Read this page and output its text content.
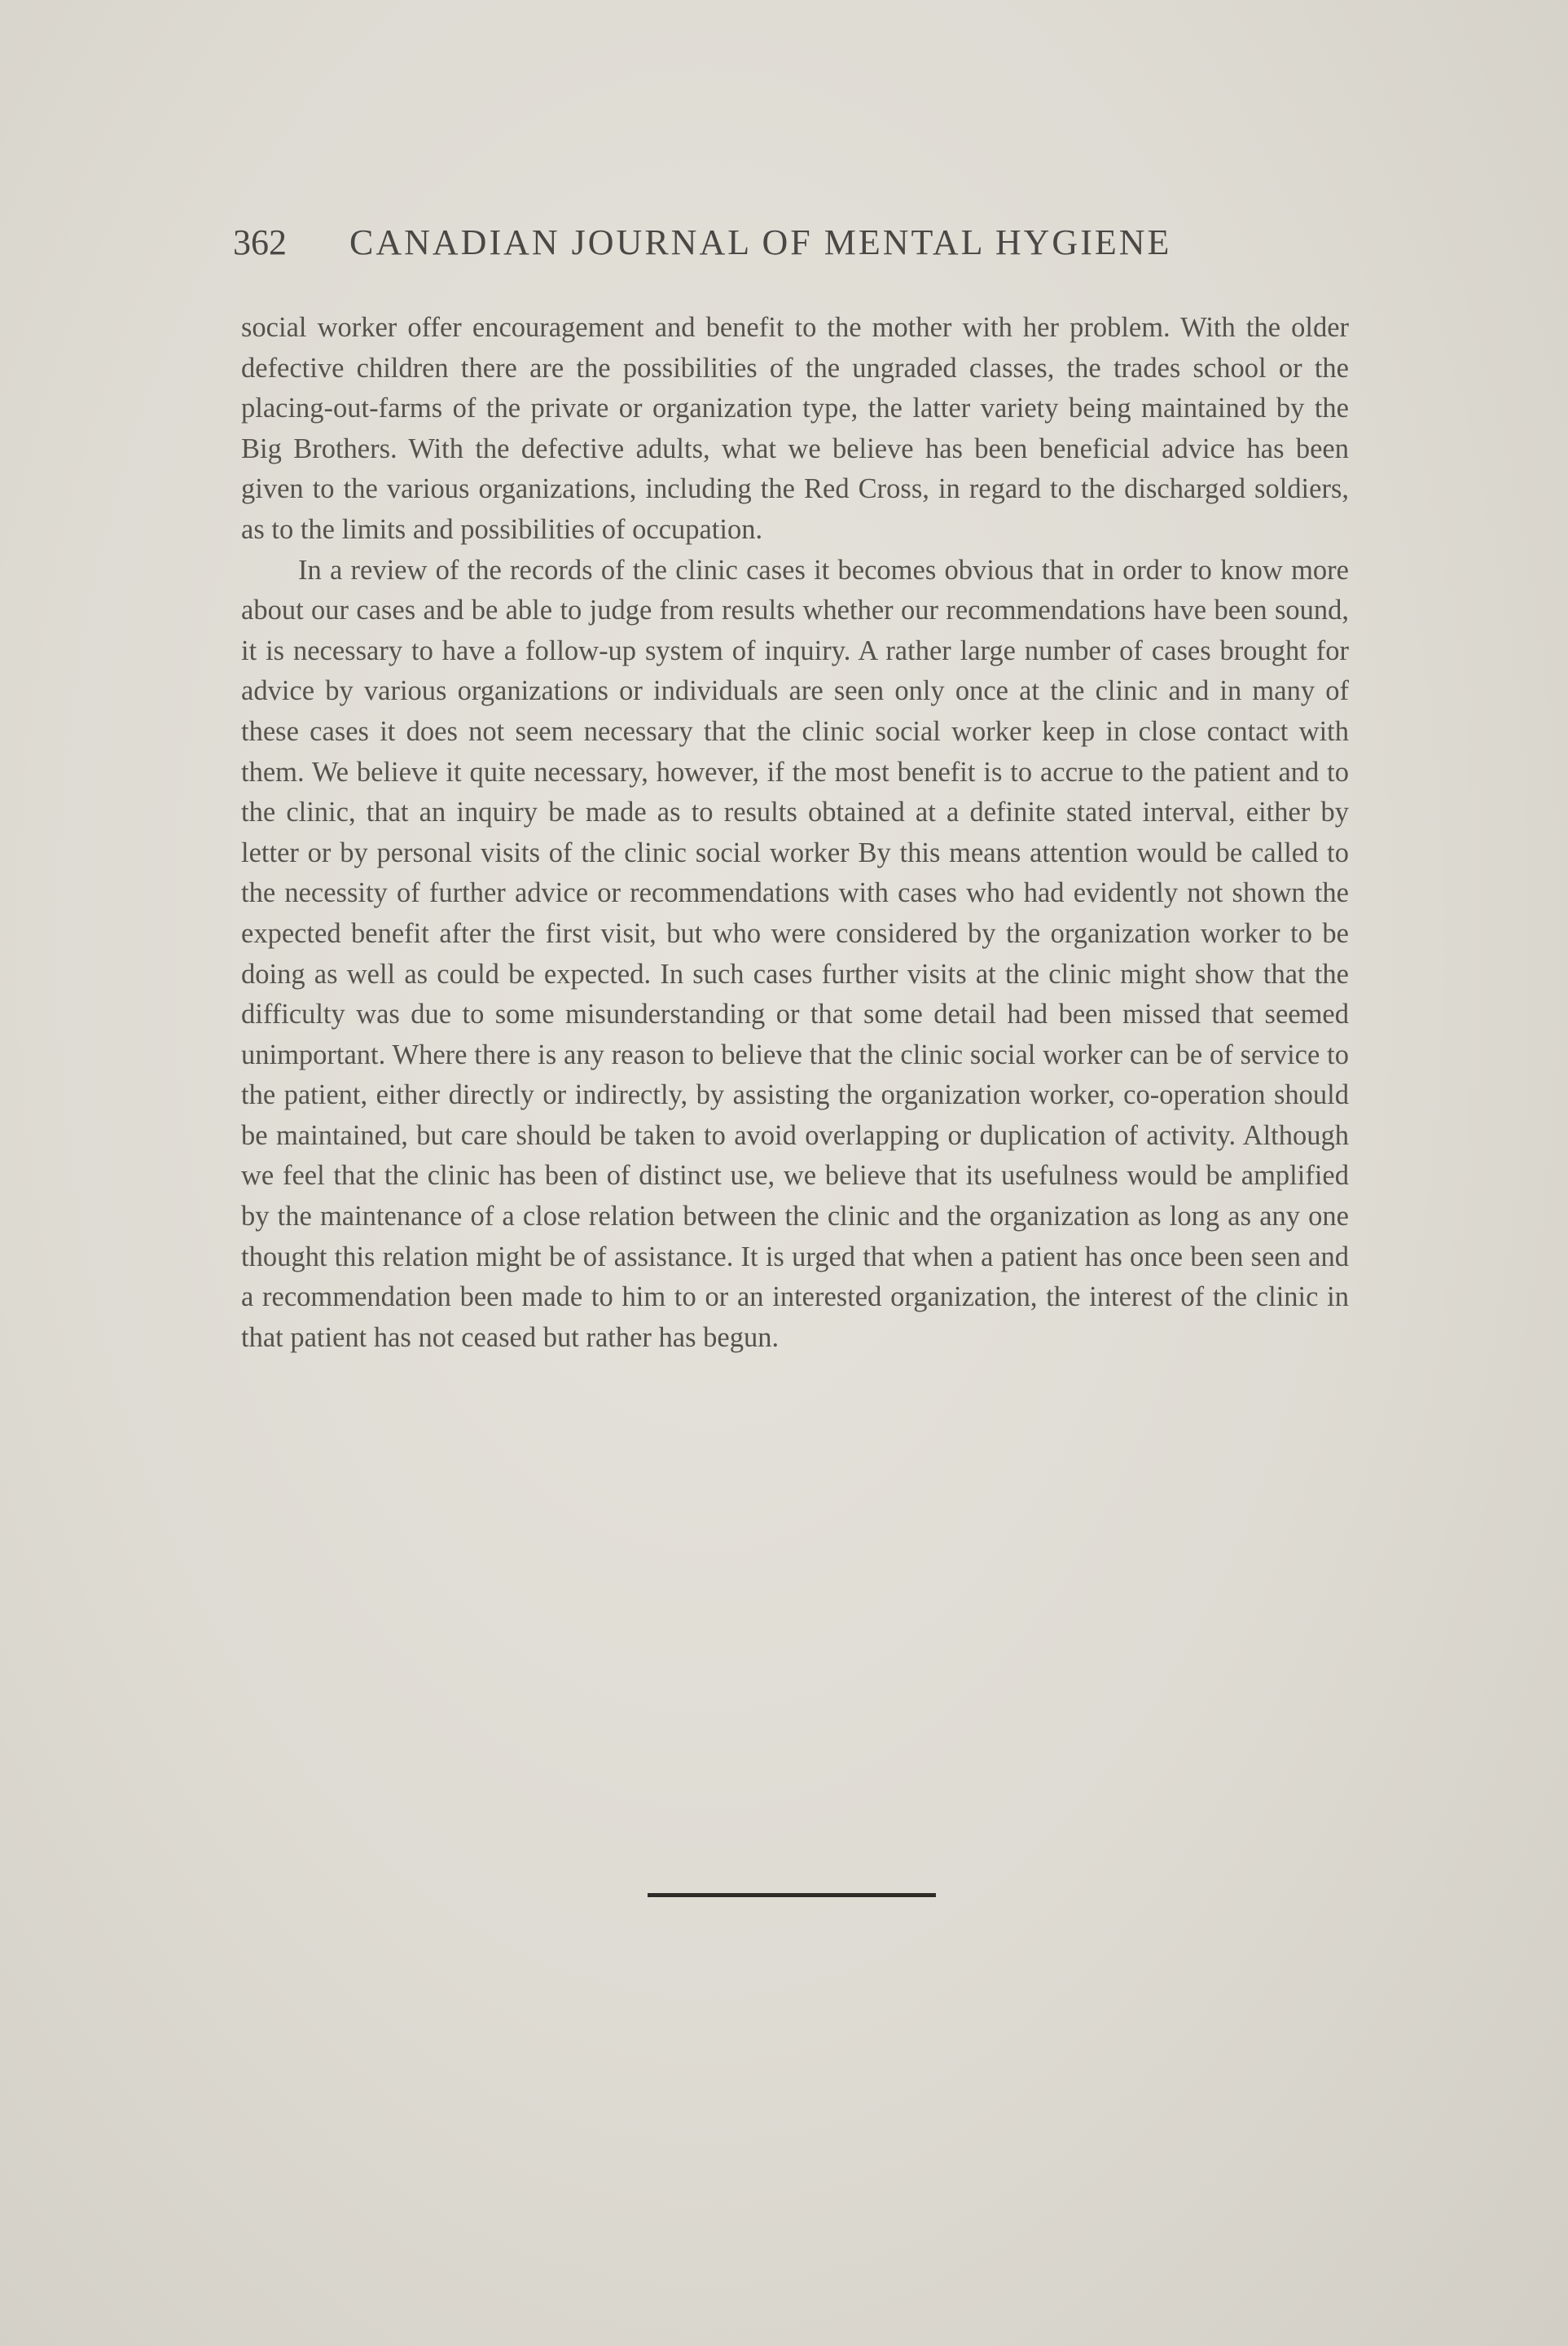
362 CANADIAN JOURNAL OF MENTAL HYGIENE

social worker offer encouragement and benefit to the mother with her problem. With the older defective children there are the possibilities of the ungraded classes, the trades school or the placing-out-farms of the private or organization type, the latter variety being maintained by the Big Brothers. With the defective adults, what we believe has been beneficial advice has been given to the various organizations, including the Red Cross, in regard to the discharged soldiers, as to the limits and possibilities of occupation.

In a review of the records of the clinic cases it becomes obvious that in order to know more about our cases and be able to judge from results whether our recommendations have been sound, it is necessary to have a follow-up system of inquiry. A rather large number of cases brought for advice by various organizations or individuals are seen only once at the clinic and in many of these cases it does not seem necessary that the clinic social worker keep in close contact with them. We believe it quite necessary, however, if the most benefit is to accrue to the patient and to the clinic, that an inquiry be made as to results obtained at a definite stated interval, either by letter or by personal visits of the clinic social worker By this means attention would be called to the necessity of further advice or recommendations with cases who had evidently not shown the expected benefit after the first visit, but who were considered by the organization worker to be doing as well as could be expected. In such cases further visits at the clinic might show that the difficulty was due to some misunderstanding or that some detail had been missed that seemed unimportant. Where there is any reason to believe that the clinic social worker can be of service to the patient, either directly or indirectly, by assisting the organization worker, co-operation should be maintained, but care should be taken to avoid overlapping or duplication of activity. Although we feel that the clinic has been of distinct use, we believe that its usefulness would be amplified by the maintenance of a close relation between the clinic and the organization as long as any one thought this relation might be of assistance. It is urged that when a patient has once been seen and a recommendation been made to him to or an interested organization, the interest of the clinic in that patient has not ceased but rather has begun.
